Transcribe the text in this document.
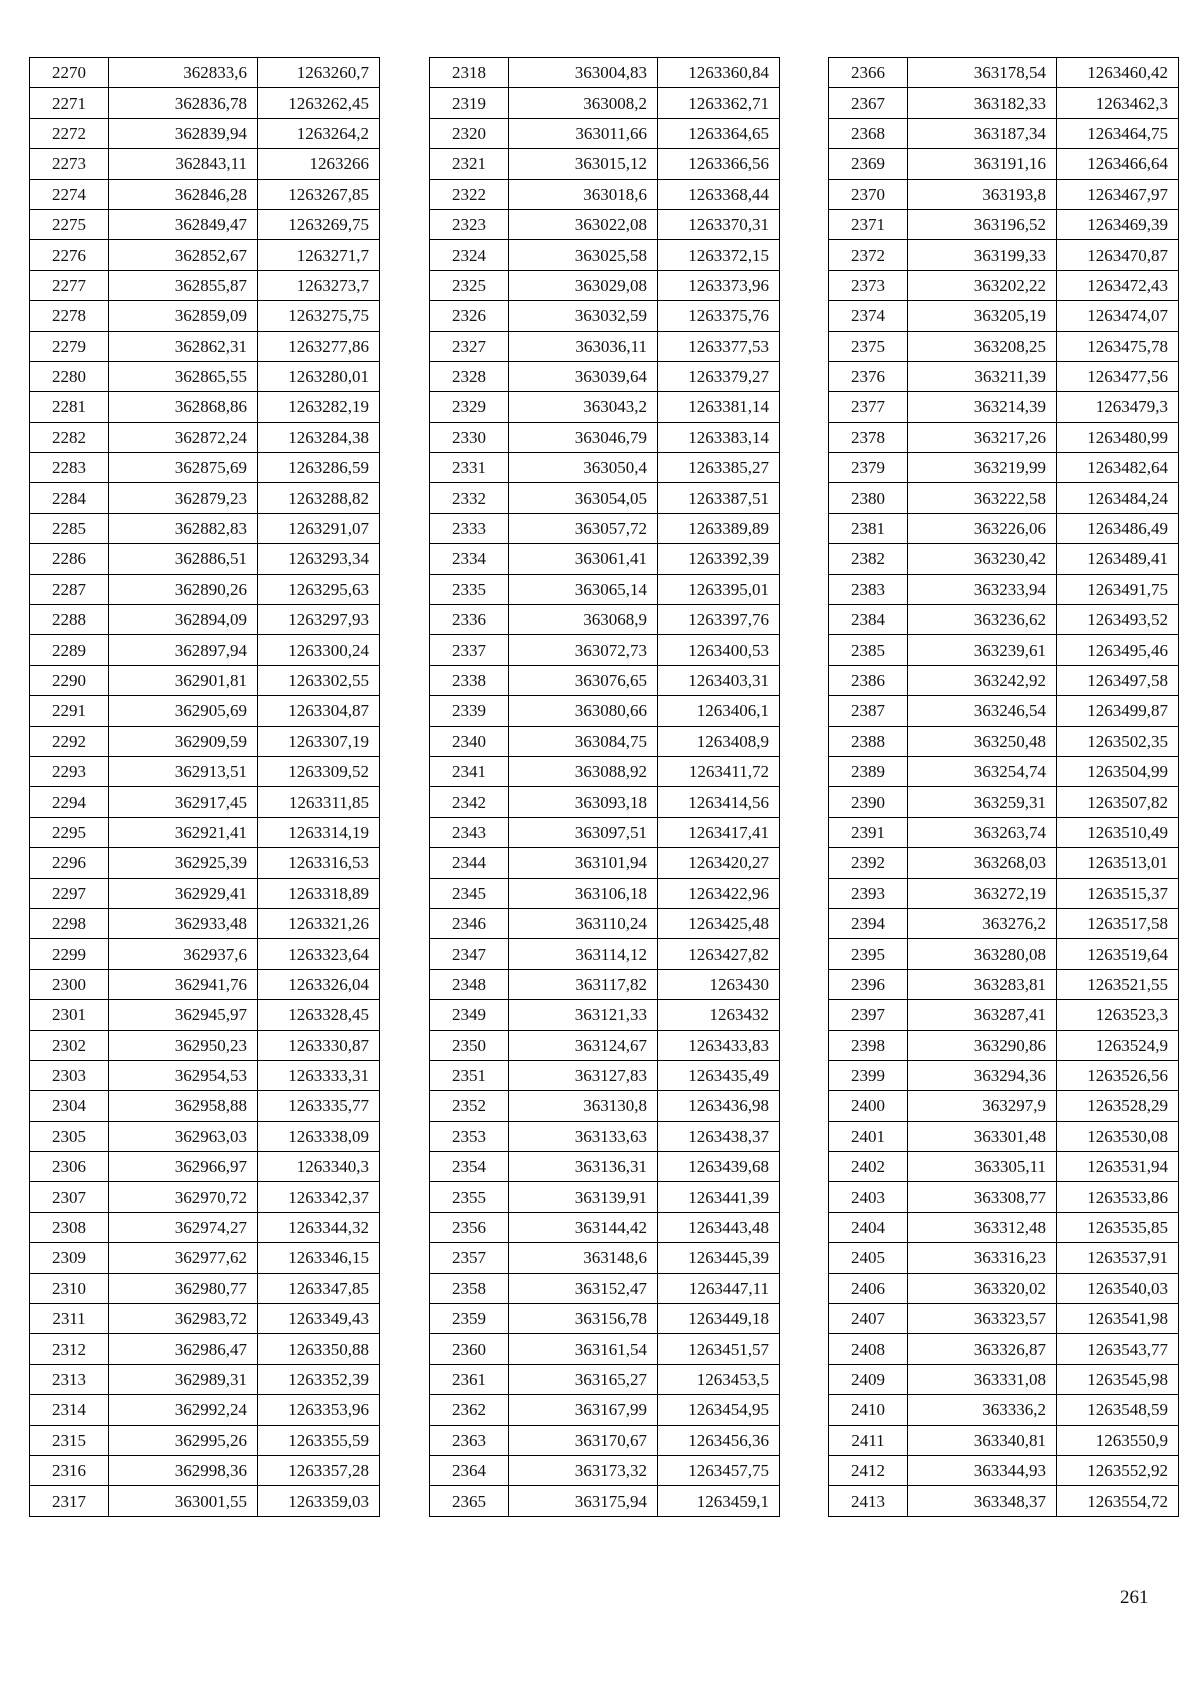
2270	362833,6	1263260,7
2271	362836,78	1263262,45
2272	362839,94	1263264,2
2273	362843,11	1263266
2274	362846,28	1263267,85
2275	362849,47	1263269,75
2276	362852,67	1263271,7
2277	362855,87	1263273,7
2278	362859,09	1263275,75
2279	362862,31	1263277,86
2280	362865,55	1263280,01
2281	362868,86	1263282,19
2282	362872,24	1263284,38
2283	362875,69	1263286,59
2284	362879,23	1263288,82
2285	362882,83	1263291,07
2286	362886,51	1263293,34
2287	362890,26	1263295,63
2288	362894,09	1263297,93
2289	362897,94	1263300,24
2290	362901,81	1263302,55
2291	362905,69	1263304,87
2292	362909,59	1263307,19
2293	362913,51	1263309,52
2294	362917,45	1263311,85
2295	362921,41	1263314,19
2296	362925,39	1263316,53
2297	362929,41	1263318,89
2298	362933,48	1263321,26
2299	362937,6	1263323,64
2300	362941,76	1263326,04
2301	362945,97	1263328,45
2302	362950,23	1263330,87
2303	362954,53	1263333,31
2304	362958,88	1263335,77
2305	362963,03	1263338,09
2306	362966,97	1263340,3
2307	362970,72	1263342,37
2308	362974,27	1263344,32
2309	362977,62	1263346,15
2310	362980,77	1263347,85
2311	362983,72	1263349,43
2312	362986,47	1263350,88
2313	362989,31	1263352,39
2314	362992,24	1263353,96
2315	362995,26	1263355,59
2316	362998,36	1263357,28
2317	363001,55	1263359,03
2318	363004,83	1263360,84
2319	363008,2	1263362,71
2320	363011,66	1263364,65
2321	363015,12	1263366,56
2322	363018,6	1263368,44
2323	363022,08	1263370,31
2324	363025,58	1263372,15
2325	363029,08	1263373,96
2326	363032,59	1263375,76
2327	363036,11	1263377,53
2328	363039,64	1263379,27
2329	363043,2	1263381,14
2330	363046,79	1263383,14
2331	363050,4	1263385,27
2332	363054,05	1263387,51
2333	363057,72	1263389,89
2334	363061,41	1263392,39
2335	363065,14	1263395,01
2336	363068,9	1263397,76
2337	363072,73	1263400,53
2338	363076,65	1263403,31
2339	363080,66	1263406,1
2340	363084,75	1263408,9
2341	363088,92	1263411,72
2342	363093,18	1263414,56
2343	363097,51	1263417,41
2344	363101,94	1263420,27
2345	363106,18	1263422,96
2346	363110,24	1263425,48
2347	363114,12	1263427,82
2348	363117,82	1263430
2349	363121,33	1263432
2350	363124,67	1263433,83
2351	363127,83	1263435,49
2352	363130,8	1263436,98
2353	363133,63	1263438,37
2354	363136,31	1263439,68
2355	363139,91	1263441,39
2356	363144,42	1263443,48
2357	363148,6	1263445,39
2358	363152,47	1263447,11
2359	363156,78	1263449,18
2360	363161,54	1263451,57
2361	363165,27	1263453,5
2362	363167,99	1263454,95
2363	363170,67	1263456,36
2364	363173,32	1263457,75
2365	363175,94	1263459,1
2366	363178,54	1263460,42
2367	363182,33	1263462,3
2368	363187,34	1263464,75
2369	363191,16	1263466,64
2370	363193,8	1263467,97
2371	363196,52	1263469,39
2372	363199,33	1263470,87
2373	363202,22	1263472,43
2374	363205,19	1263474,07
2375	363208,25	1263475,78
2376	363211,39	1263477,56
2377	363214,39	1263479,3
2378	363217,26	1263480,99
2379	363219,99	1263482,64
2380	363222,58	1263484,24
2381	363226,06	1263486,49
2382	363230,42	1263489,41
2383	363233,94	1263491,75
2384	363236,62	1263493,52
2385	363239,61	1263495,46
2386	363242,92	1263497,58
2387	363246,54	1263499,87
2388	363250,48	1263502,35
2389	363254,74	1263504,99
2390	363259,31	1263507,82
2391	363263,74	1263510,49
2392	363268,03	1263513,01
2393	363272,19	1263515,37
2394	363276,2	1263517,58
2395	363280,08	1263519,64
2396	363283,81	1263521,55
2397	363287,41	1263523,3
2398	363290,86	1263524,9
2399	363294,36	1263526,56
2400	363297,9	1263528,29
2401	363301,48	1263530,08
2402	363305,11	1263531,94
2403	363308,77	1263533,86
2404	363312,48	1263535,85
2405	363316,23	1263537,91
2406	363320,02	1263540,03
2407	363323,57	1263541,98
2408	363326,87	1263543,77
2409	363331,08	1263545,98
2410	363336,2	1263548,59
2411	363340,81	1263550,9
2412	363344,93	1263552,92
2413	363348,37	1263554,72
261
